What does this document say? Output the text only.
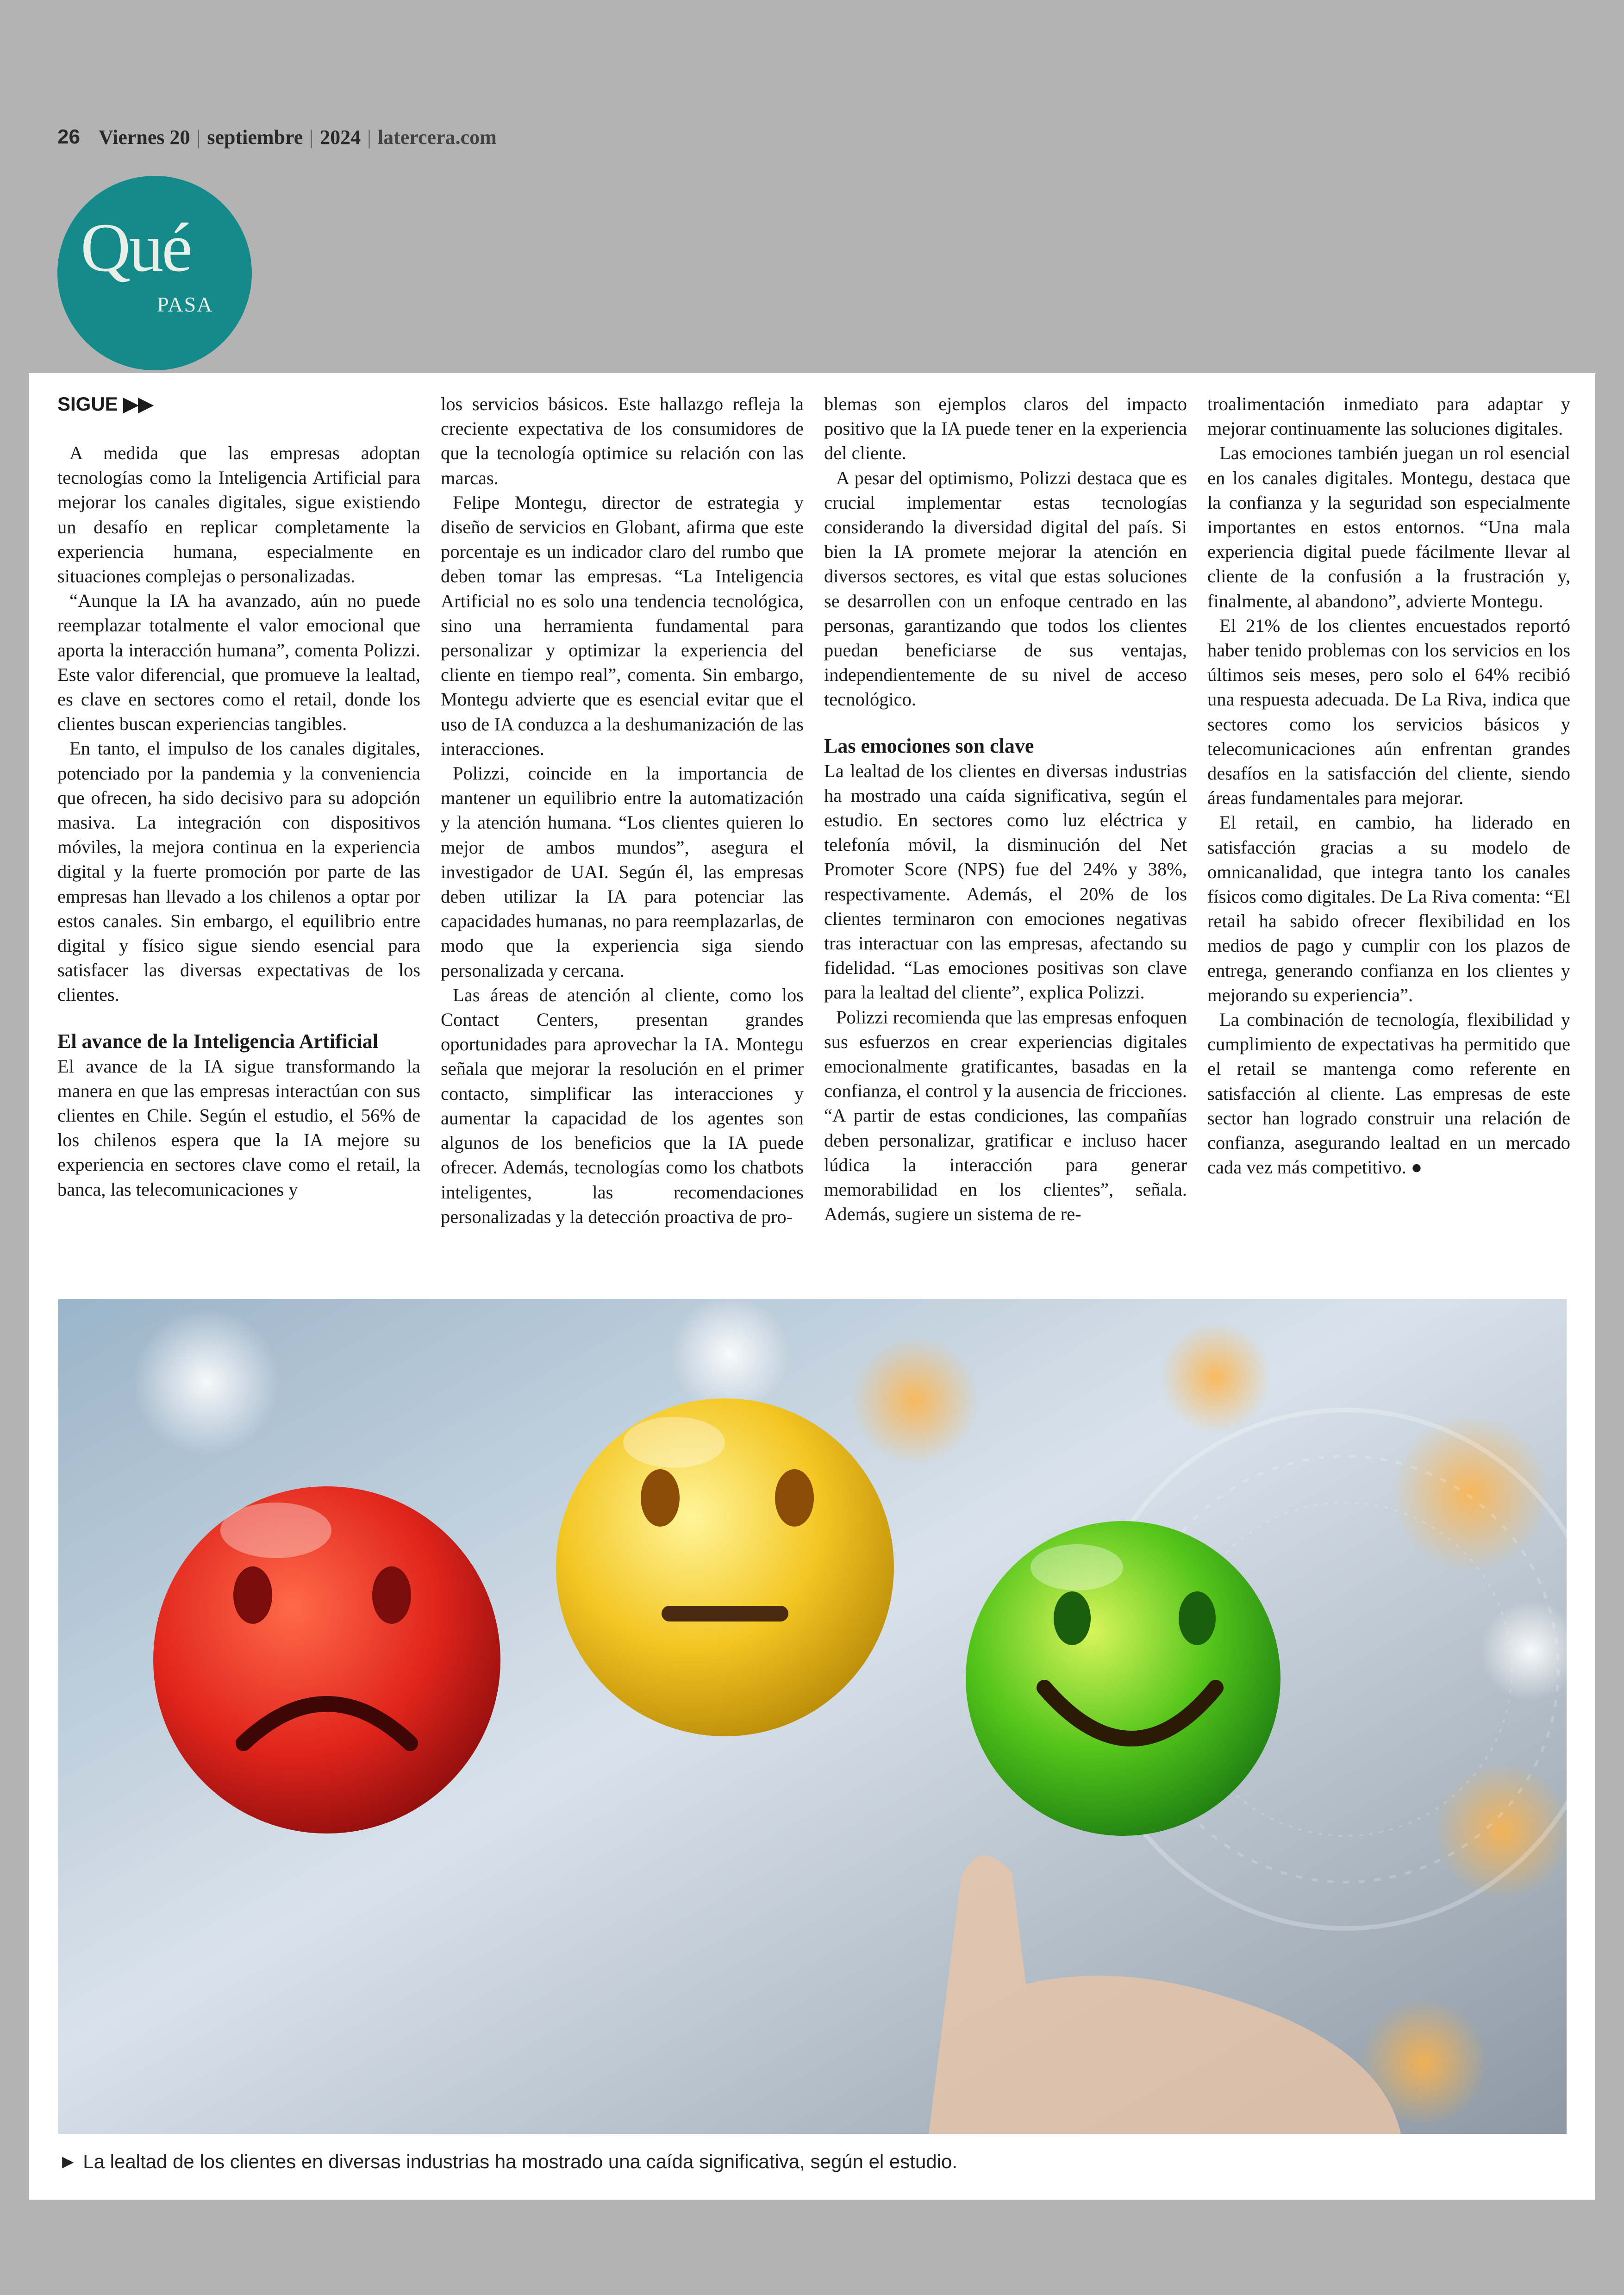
26 Viernes 20 | septiembre | 2024 | latercera.com
Qué
PASA
SIGUE ▶▶

A medida que las empresas adoptan tecnologías como la Inteligencia Artificial para mejorar los canales digitales, sigue existiendo un desafío en replicar completamente la experiencia humana, especialmente en situaciones complejas o personalizadas.

“Aunque la IA ha avanzado, aún no puede reemplazar totalmente el valor emocional que aporta la interacción humana”, comenta Polizzi. Este valor diferencial, que promueve la lealtad, es clave en sectores como el retail, donde los clientes buscan experiencias tangibles.

En tanto, el impulso de los canales digitales, potenciado por la pandemia y la conveniencia que ofrecen, ha sido decisivo para su adopción masiva. La integración con dispositivos móviles, la mejora continua en la experiencia digital y la fuerte promoción por parte de las empresas han llevado a los chilenos a optar por estos canales. Sin embargo, el equilibrio entre digital y físico sigue siendo esencial para satisfacer las diversas expectativas de los clientes.

El avance de la Inteligencia Artificial

El avance de la IA sigue transformando la manera en que las empresas interactúan con sus clientes en Chile. Según el estudio, el 56% de los chilenos espera que la IA mejore su experiencia en sectores clave como el retail, la banca, las telecomunicaciones y

los servicios básicos. Este hallazgo refleja la creciente expectativa de los consumidores de que la tecnología optimice su relación con las marcas.

Felipe Montegu, director de estrategia y diseño de servicios en Globant, afirma que este porcentaje es un indicador claro del rumbo que deben tomar las empresas. “La Inteligencia Artificial no es solo una tendencia tecnológica, sino una herramienta fundamental para personalizar y optimizar la experiencia del cliente en tiempo real”, comenta. Sin embargo, Montegu advierte que es esencial evitar que el uso de IA conduzca a la deshumanización de las interacciones.

Polizzi, coincide en la importancia de mantener un equilibrio entre la automatización y la atención humana. “Los clientes quieren lo mejor de ambos mundos”, asegura el investigador de UAI. Según él, las empresas deben utilizar la IA para potenciar las capacidades humanas, no para reemplazarlas, de modo que la experiencia siga siendo personalizada y cercana.

Las áreas de atención al cliente, como los Contact Centers, presentan grandes oportunidades para aprovechar la IA. Montegu señala que mejorar la resolución en el primer contacto, simplificar las interacciones y aumentar la capacidad de los agentes son algunos de los beneficios que la IA puede ofrecer. Además, tecnologías como los chatbots inteligentes, las recomendaciones personalizadas y la detección proactiva de pro-

blemas son ejemplos claros del impacto positivo que la IA puede tener en la experiencia del cliente.

A pesar del optimismo, Polizzi destaca que es crucial implementar estas tecnologías considerando la diversidad digital del país. Si bien la IA promete mejorar la atención en diversos sectores, es vital que estas soluciones se desarrollen con un enfoque centrado en las personas, garantizando que todos los clientes puedan beneficiarse de sus ventajas, independientemente de su nivel de acceso tecnológico.

Las emociones son clave

La lealtad de los clientes en diversas industrias ha mostrado una caída significativa, según el estudio. En sectores como luz eléctrica y telefonía móvil, la disminución del Net Promoter Score (NPS) fue del 24% y 38%, respectivamente. Además, el 20% de los clientes terminaron con emociones negativas tras interactuar con las empresas, afectando su fidelidad. “Las emociones positivas son clave para la lealtad del cliente”, explica Polizzi.

Polizzi recomienda que las empresas enfoquen sus esfuerzos en crear experiencias digitales emocionalmente gratificantes, basadas en la confianza, el control y la ausencia de fricciones. “A partir de estas condiciones, las compañías deben personalizar, gratificar e incluso hacer lúdica la interacción para generar memorabilidad en los clientes”, señala. Además, sugiere un sistema de re-

troalimentación inmediato para adaptar y mejorar continuamente las soluciones digitales.

Las emociones también juegan un rol esencial en los canales digitales. Montegu, destaca que la confianza y la seguridad son especialmente importantes en estos entornos. “Una mala experiencia digital puede fácilmente llevar al cliente de la confusión a la frustración y, finalmente, al abandono”, advierte Montegu.

El 21% de los clientes encuestados reportó haber tenido problemas con los servicios en los últimos seis meses, pero solo el 64% recibió una respuesta adecuada. De La Riva, indica que sectores como los servicios básicos y telecomunicaciones aún enfrentan grandes desafíos en la satisfacción del cliente, siendo áreas fundamentales para mejorar.

El retail, en cambio, ha liderado en satisfacción gracias a su modelo de omnicanalidad, que integra tanto los canales físicos como digitales. De La Riva comenta: “El retail ha sabido ofrecer flexibilidad en los medios de pago y cumplir con los plazos de entrega, generando confianza en los clientes y mejorando su experiencia”.

La combinación de tecnología, flexibilidad y cumplimiento de expectativas ha permitido que el retail se mantenga como referente en satisfacción al cliente. Las empresas de este sector han logrado construir una relación de confianza, asegurando lealtad en un mercado cada vez más competitivo. ●

► La lealtad de los clientes en diversas industrias ha mostrado una caída significativa, según el estudio.
